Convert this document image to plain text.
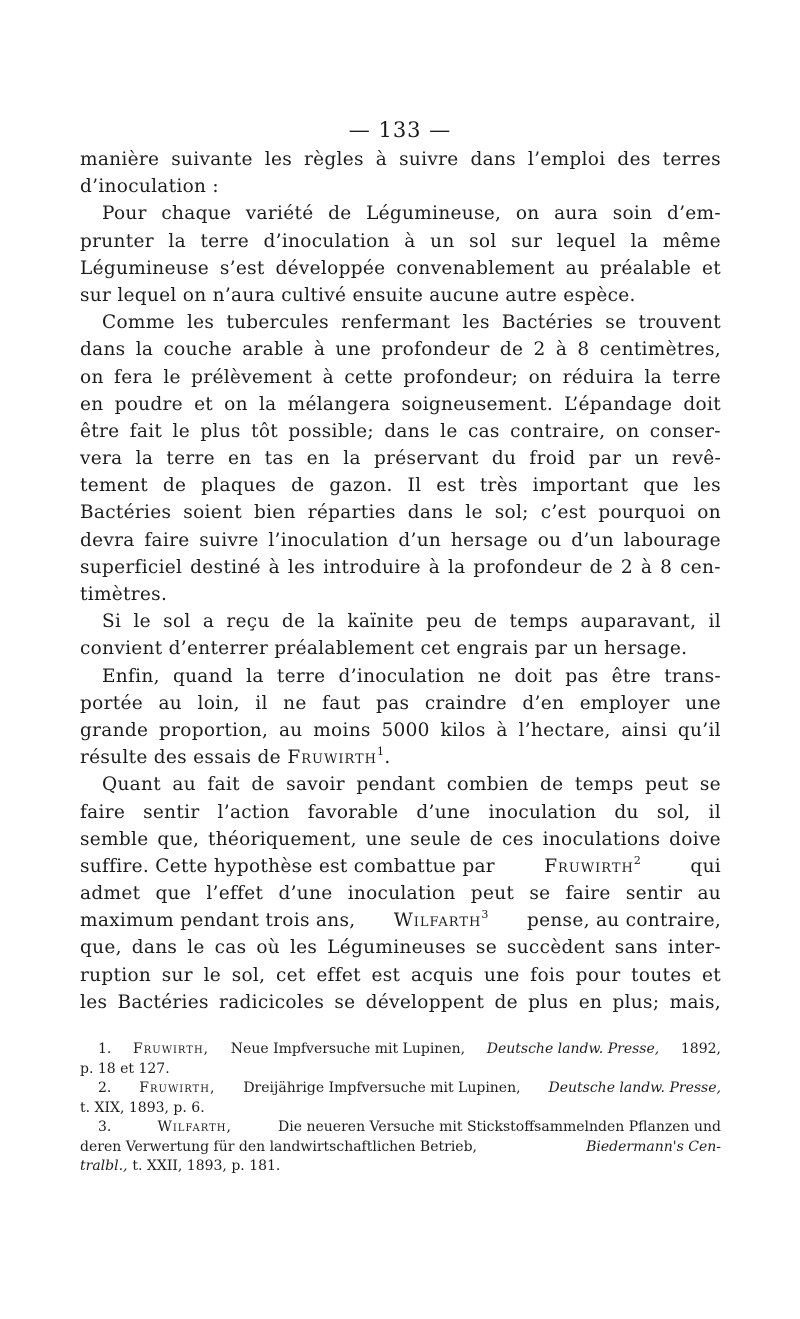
— 133 —
manière suivante les règles à suivre dans l’emploi des terres
d’inoculation :
Pour chaque variété de Légumineuse, on aura soin d’em-
prunter la terre d’inoculation à un sol sur lequel la même
Légumineuse s’est développée convenablement au préalable et
sur lequel on n’aura cultivé ensuite aucune autre espèce.
Comme les tubercules renfermant les Bactéries se trouvent
dans la couche arable à une profondeur de 2 à 8 centimètres,
on fera le prélèvement à cette profondeur; on réduira la terre
en poudre et on la mélangera soigneusement. L’épandage doit
être fait le plus tôt possible; dans le cas contraire, on conser-
vera la terre en tas en la préservant du froid par un revê-
tement de plaques de gazon. Il est très important que les
Bactéries soient bien réparties dans le sol; c’est pourquoi on
devra faire suivre l’inoculation d’un hersage ou d’un labourage
superficiel destiné à les introduire à la profondeur de 2 à 8 cen-
timètres.
Si le sol a reçu de la kaïnite peu de temps auparavant, il
convient d’enterrer préalablement cet engrais par un hersage.
Enfin, quand la terre d’inoculation ne doit pas être trans-
portée au loin, il ne faut pas craindre d’en employer une
grande proportion, au moins 5000 kilos à l’hectare, ainsi qu’il
résulte des essais de Fruwirth$^1$.
Quant au fait de savoir pendant combien de temps peut se
faire sentir l’action favorable d’une inoculation du sol, il
semble que, théoriquement, une seule de ces inoculations doive
suffire. Cette hypothèse est combattue par	Fruwirth$^2$	qui
admet que l’effet d’une inoculation peut se faire sentir au
maximum pendant trois ans, Wilfarth$^3$ pense, au contraire,
que, dans le cas où les Légumineuses se succèdent sans inter-
ruption sur le sol, cet effet est acquis une fois pour toutes et
les Bactéries radicicoles se développent de plus en plus; mais,
1. Fruwirth, Neue Impfversuche mit Lupinen, Deutsche landw. Presse, 1892,
p. 18 et 127.
2. Fruwirth, Dreijährige Impfversuche mit Lupinen, Deutsche landw. Presse,
t. XIX, 1893, p. 6.
3.	Wilfarth,	Die neueren Versuche mit Stickstoffsammelnden Pflanzen und
deren Verwertung für den landwirtschaftlichen Betrieb,	Biedermann's Cen-
tralbl., t. XXII, 1893, p. 181.
